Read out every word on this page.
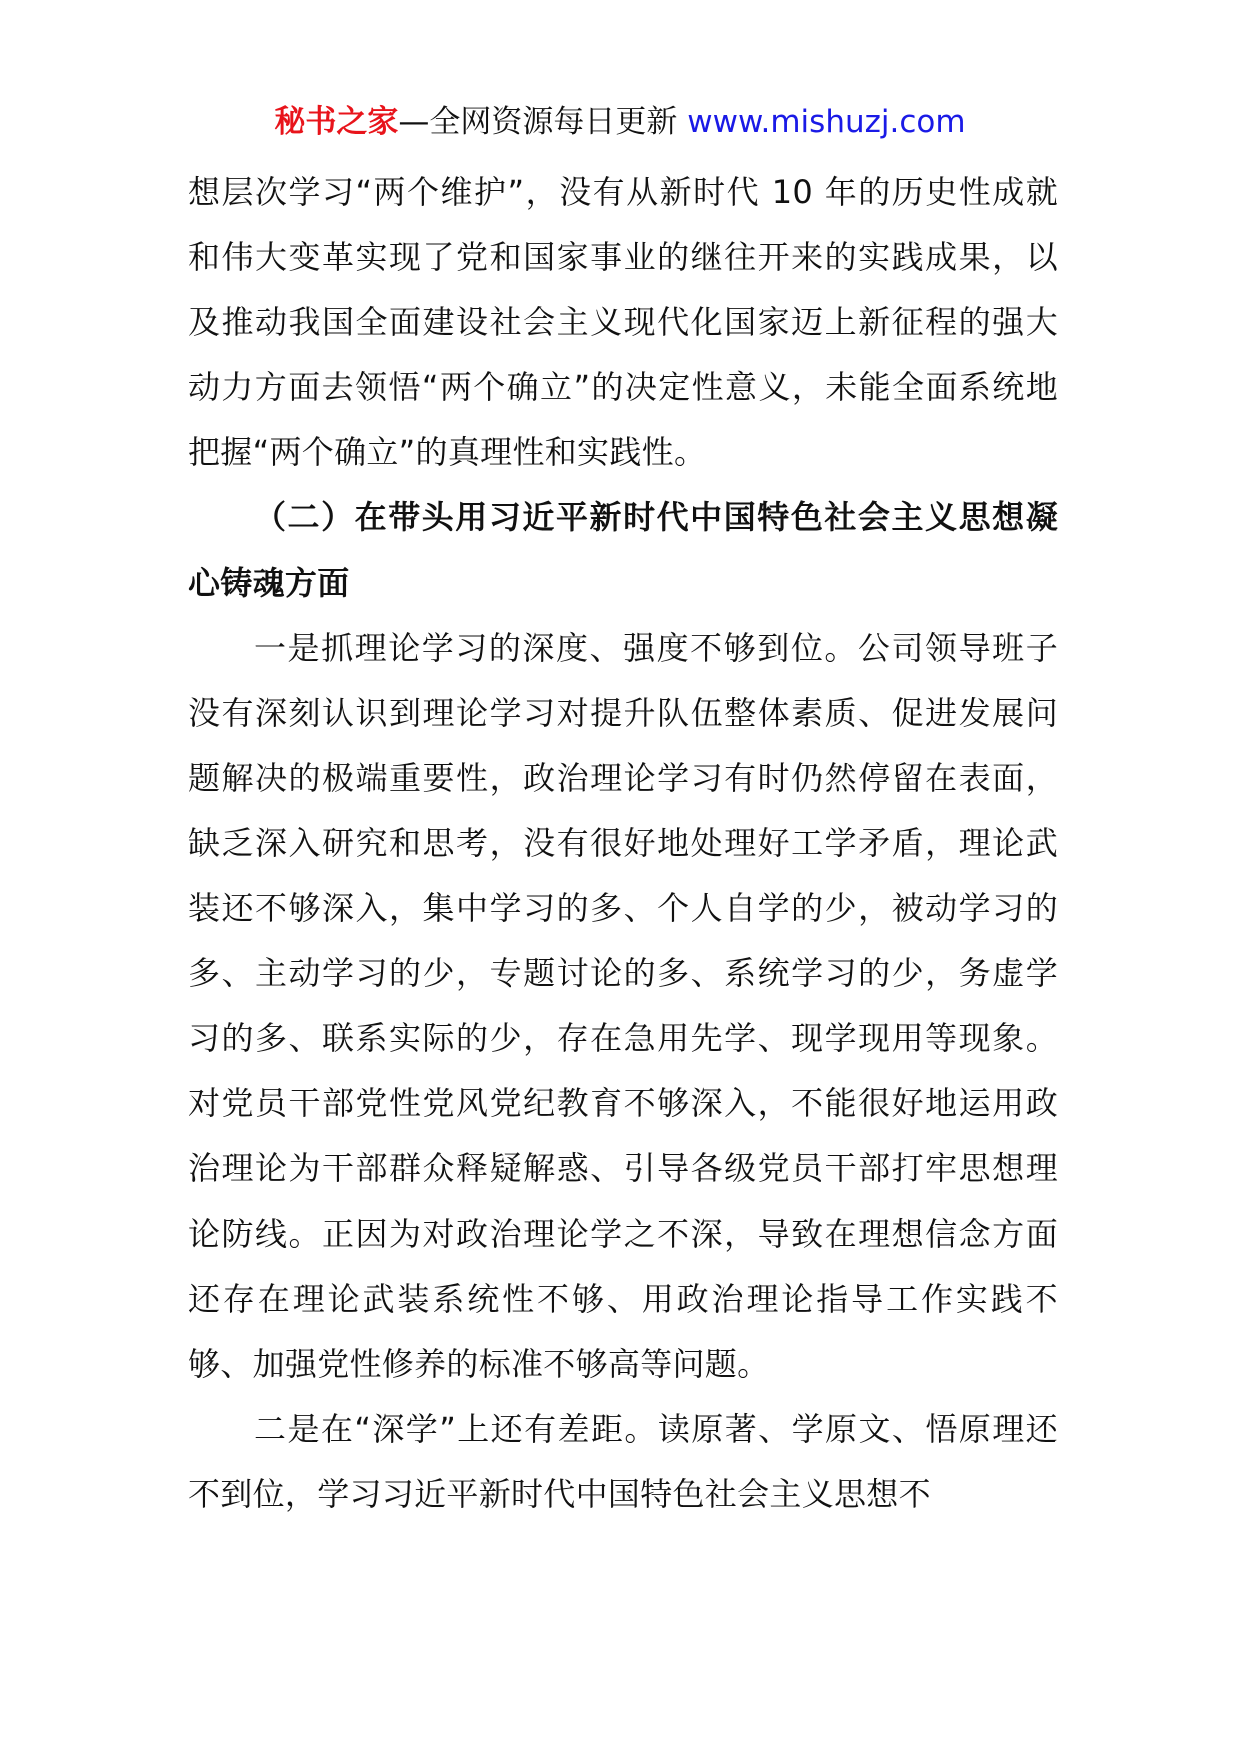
秘书之家—全网资源每日更新 www.mishuzj.com

想层次学习“两个维护”，没有从新时代 10 年的历史性成就和伟大变革实现了党和国家事业的继往开来的实践成果，以及推动我国全面建设社会主义现代化国家迈上新征程的强大动力方面去领悟“两个确立”的决定性意义，未能全面系统地把握“两个确立”的真理性和实践性。

（二）在带头用习近平新时代中国特色社会主义思想凝心铸魂方面

一是抓理论学习的深度、强度不够到位。公司领导班子没有深刻认识到理论学习对提升队伍整体素质、促进发展问题解决的极端重要性，政治理论学习有时仍然停留在表面，缺乏深入研究和思考，没有很好地处理好工学矛盾，理论武装还不够深入，集中学习的多、个人自学的少，被动学习的多、主动学习的少，专题讨论的多、系统学习的少，务虚学习的多、联系实际的少，存在急用先学、现学现用等现象。对党员干部党性党风党纪教育不够深入，不能很好地运用政治理论为干部群众释疑解惑、引导各级党员干部打牢思想理论防线。正因为对政治理论学之不深，导致在理想信念方面还存在理论武装系统性不够、用政治理论指导工作实践不够、加强党性修养的标准不够高等问题。

二是在“深学”上还有差距。读原著、学原文、悟原理还不到位，学习习近平新时代中国特色社会主义思想不
